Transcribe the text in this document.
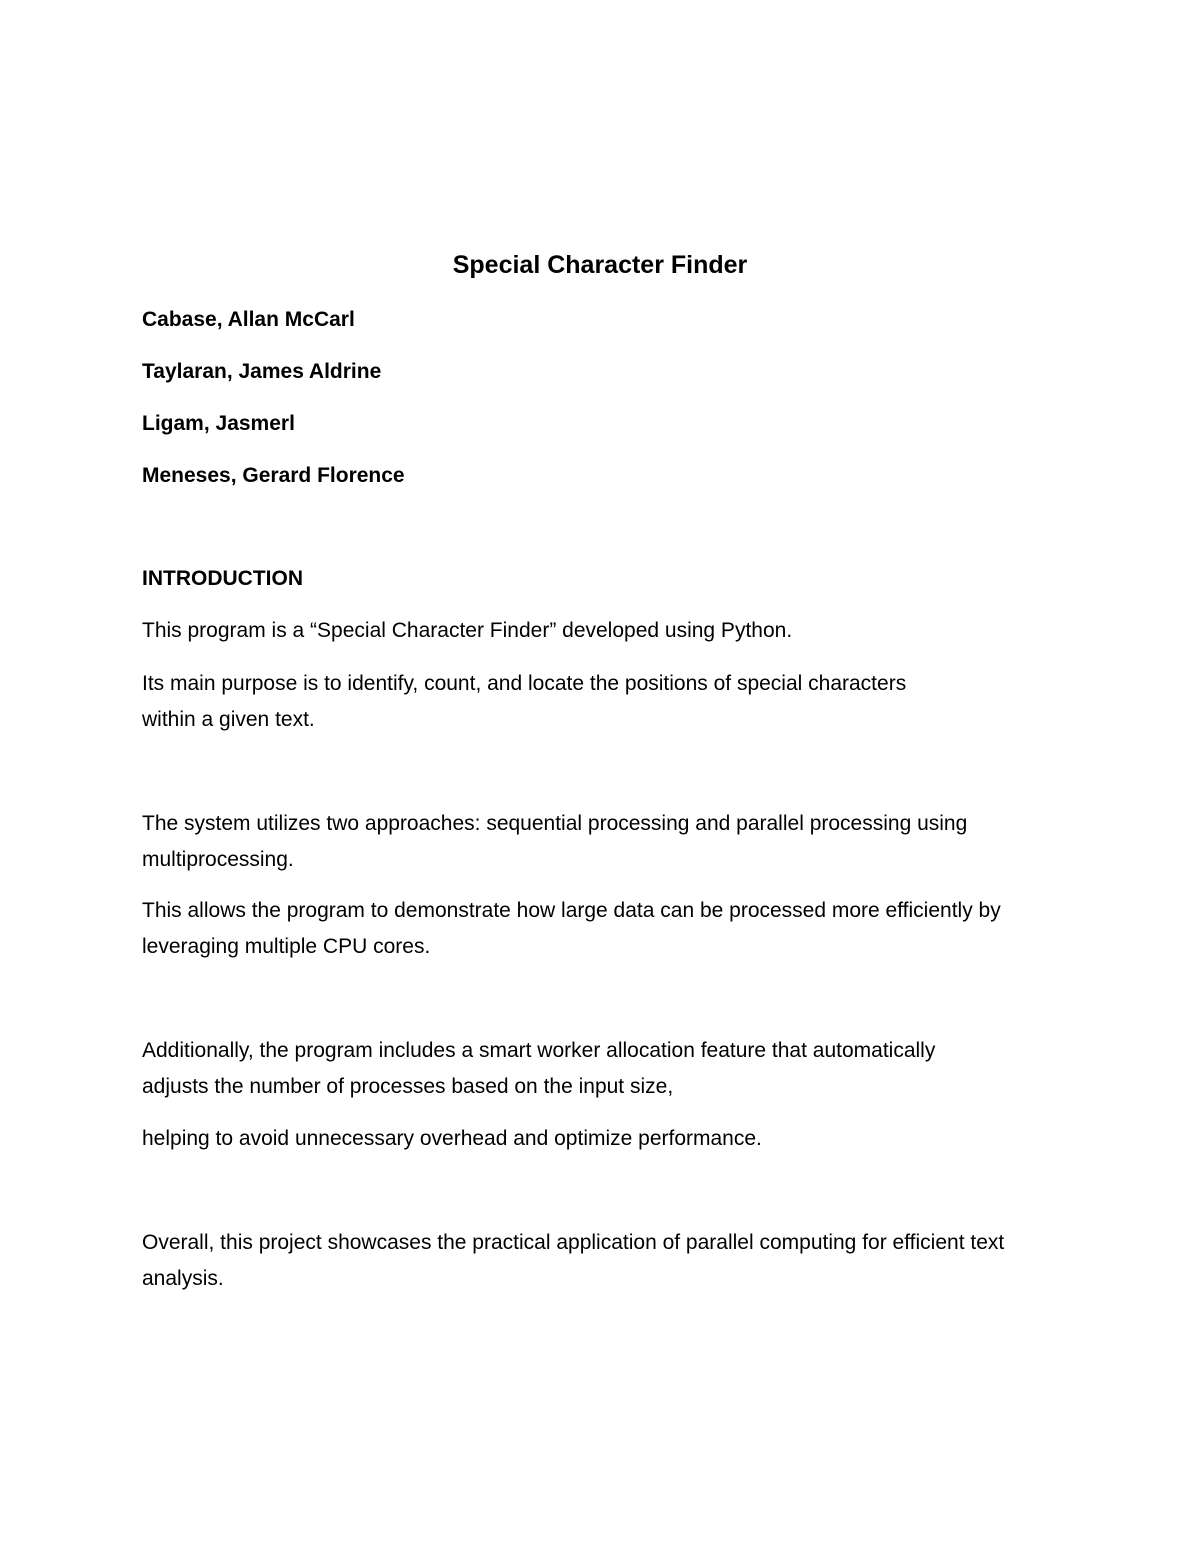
Special Character Finder
Cabase, Allan McCarl
Taylaran, James Aldrine
Ligam, Jasmerl
Meneses, Gerard Florence
INTRODUCTION

This program is a “Special Character Finder” developed using Python.

Its main purpose is to identify, count, and locate the positions of special characters within a given text.

The system utilizes two approaches: sequential processing and parallel processing using multiprocessing.

This allows the program to demonstrate how large data can be processed more efficiently by leveraging multiple CPU cores.

Additionally, the program includes a smart worker allocation feature that automatically adjusts the number of processes based on the input size,

helping to avoid unnecessary overhead and optimize performance.

Overall, this project showcases the practical application of parallel computing for efficient text analysis.
